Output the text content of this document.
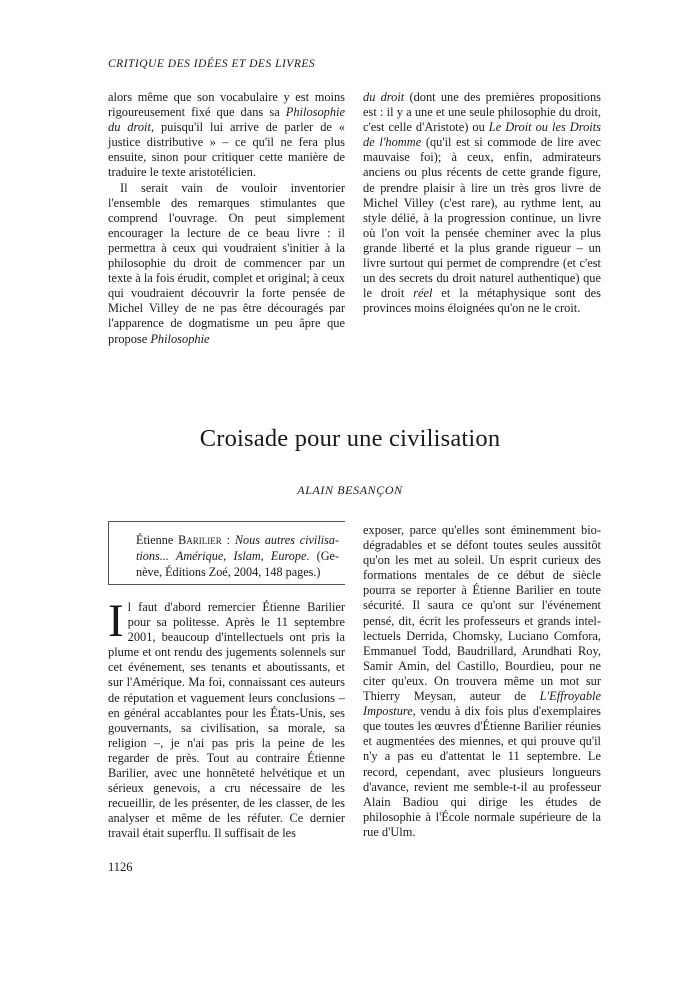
CRITIQUE DES IDÉES ET DES LIVRES

alors même que son vocabulaire y est moins rigoureusement fixé que dans sa Philosophie du droit, puisqu'il lui arrive de parler de « justice distributive » – ce qu'il ne fera plus ensuite, sinon pour critiquer cette manière de traduire le texte aristotélicien.

Il serait vain de vouloir inventorier l'ensemble des remarques stimulantes que comprend l'ouvrage. On peut simplement encourager la lecture de ce beau livre : il permettra à ceux qui voudraient s'initier à la philosophie du droit de commencer par un texte à la fois érudit, complet et original; à ceux qui voudraient découvrir la forte pensée de Michel Villey de ne pas être découragés par l'apparence de dogmatisme un peu âpre que propose Philosophie

du droit (dont une des premières propositions est : il y a une et une seule philosophie du droit, c'est celle d'Aristote) ou Le Droit ou les Droits de l'homme (qu'il est si commode de lire avec mauvaise foi); à ceux, enfin, admirateurs anciens ou plus récents de cette grande figure, de prendre plaisir à lire un très gros livre de Michel Villey (c'est rare), au rythme lent, au style délié, à la progression continue, un livre où l'on voit la pensée cheminer avec la plus grande liberté et la plus grande rigueur – un livre surtout qui permet de comprendre (et c'est un des secrets du droit naturel authentique) que le droit réel et la métaphysique sont des provinces moins éloignées qu'on ne le croit.

Croisade pour une civilisation
ALAIN BESANÇON
Étienne Barilier : Nous autres civilisations... Amérique, Islam, Europe. (Genève, Éditions Zoé, 2004, 148 pages.)
I l faut d'abord remercier Étienne Barilier pour sa politesse. Après le 11 septembre 2001, beaucoup d'intellectuels ont pris la plume et ont rendu des jugements solennels sur cet événement, ses tenants et aboutissants, et sur l'Amérique. Ma foi, connaissant ces auteurs de réputation et vaguement leurs conclusions – en général accablantes pour les États-Unis, ses gouvernants, sa civilisation, sa morale, sa religion –, je n'ai pas pris la peine de les regarder de près. Tout au contraire Étienne Barilier, avec une honnêteté helvétique et un sérieux genevois, a cru nécessaire de les recueillir, de les présenter, de les classer, de les analyser et même de les réfuter. Ce dernier travail était superflu. Il suffisait de les

exposer, parce qu'elles sont éminemment biodégradables et se défont toutes seules aussitôt qu'on les met au soleil. Un esprit curieux des formations mentales de ce début de siècle pourra se reporter à Étienne Barilier en toute sécurité. Il saura ce qu'ont sur l'événement pensé, dit, écrit les professeurs et grands intellectuels Derrida, Chomsky, Luciano Comfora, Emmanuel Todd, Baudrillard, Arundhati Roy, Samir Amin, del Castillo, Bourdieu, pour ne citer qu'eux. On trouvera même un mot sur Thierry Meysan, auteur de L'Effroyable Imposture, vendu à dix fois plus d'exemplaires que toutes les œuvres d'Étienne Barilier réunies et augmentées des miennes, et qui prouve qu'il n'y a pas eu d'attentat le 11 septembre. Le record, cependant, avec plusieurs longueurs d'avance, revient me semble-t-il au professeur Alain Badiou qui dirige les études de philosophie à l'École normale supérieure de la rue d'Ulm.

1126
